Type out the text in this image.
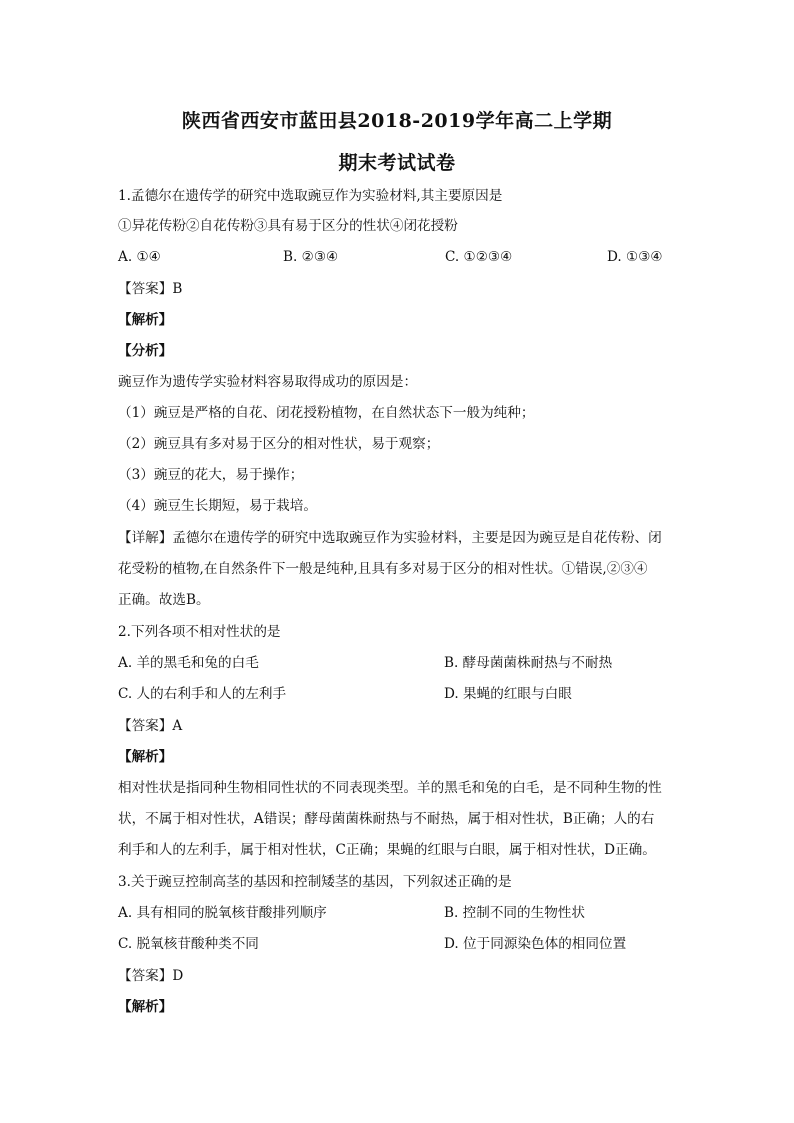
陕西省西安市蓝田县2018-2019学年高二上学期
期末考试试卷
1.孟德尔在遗传学的研究中选取豌豆作为实验材料,其主要原因是
①异花传粉②自花传粉③具有易于区分的性状④闭花授粉
A. ①④	B. ②③④	C. ①②③④	D. ①③④
【答案】B
【解析】
【分析】
豌豆作为遗传学实验材料容易取得成功的原因是：
（1）豌豆是严格的自花、闭花授粉植物，在自然状态下一般为纯种；
（2）豌豆具有多对易于区分的相对性状，易于观察；
（3）豌豆的花大，易于操作；
（4）豌豆生长期短，易于栽培。
【详解】孟德尔在遗传学的研究中选取豌豆作为实验材料，主要是因为豌豆是自花传粉、闭
花受粉的植物,在自然条件下一般是纯种,且具有多对易于区分的相对性状。①错误,②③④
正确。故选B。
2.下列各项不相对性状的是
A. 羊的黑毛和兔的白毛	B. 酵母菌菌株耐热与不耐热
C. 人的右利手和人的左利手	D. 果蝇的红眼与白眼
【答案】A
【解析】
相对性状是指同种生物相同性状的不同表现类型。羊的黑毛和兔的白毛，是不同种生物的性
状，不属于相对性状，A错误；酵母菌菌株耐热与不耐热，属于相对性状，B正确；人的右
利手和人的左利手，属于相对性状，C正确；果蝇的红眼与白眼，属于相对性状，D正确。
3.关于豌豆控制高茎的基因和控制矮茎的基因，下列叙述正确的是
A. 具有相同的脱氧核苷酸排列顺序	B. 控制不同的生物性状
C. 脱氧核苷酸种类不同	D. 位于同源染色体的相同位置
【答案】D
【解析】
